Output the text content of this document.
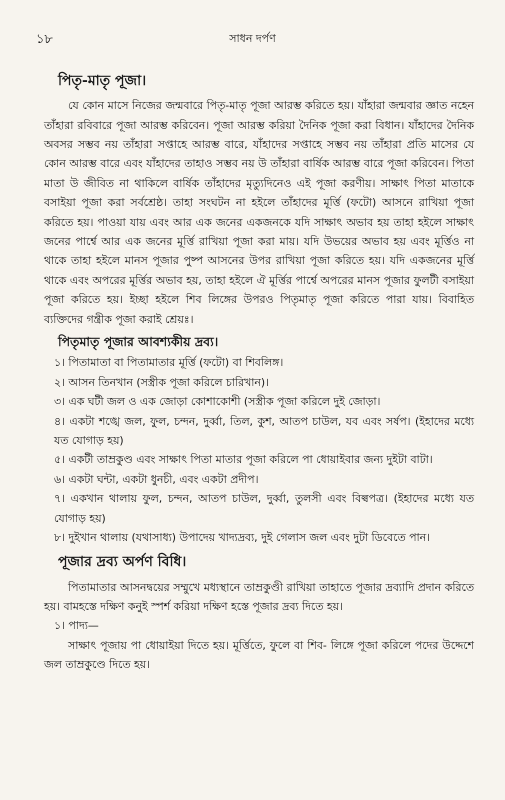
১৮	সাধন দর্পণ
পিতৃ-মাতৃ পূজা।

যে কোন মাসে নিজের জন্মবারে পিতৃ-মাতৃ পূজা আরম্ভ করিতে হয়। যাঁহারা জন্মবার জ্ঞাত নহেন তাঁহারা রবিবারে পূজা আরম্ভ করিবেন। পূজা আরম্ভ করিয়া দৈনিক পূজা করা বিধান। যাঁহাদের দৈনিক অবসর সম্ভব নয় তাঁহারা সপ্তাহে আরম্ভ বারে, যাঁহাদের সপ্তাহে সম্ভব নয় তাঁহারা প্রতি মাসের যে কোন আরম্ভ বারে এবং যাঁহাদের তাহাও সম্ভব নয় উ তাঁহারা বার্ষিক আরম্ভ বারে পূজা করিবেন। পিতা মাতা উ জীবিত না থাকিলে বার্ষিক তাঁহাদের মৃত্যুদিনেও এই পূজা করণীয়। সাক্ষাৎ পিতা মাতাকে বসাইয়া পূজা করা সর্বশ্রেষ্ঠ। তাহা সংঘটন না হইলে তাঁহাদের মূর্ত্তি (ফটো) আসনে রাখিয়া পূজা করিতে হয়। পাওয়া যায় এবং আর এক জনের একজনকে যদি সাক্ষাৎ অভাব হয় তাহা হইলে সাক্ষাৎ জনের পার্শ্বে আর এক জনের মূর্ত্তি রাখিয়া পূজা করা মায়। যদি উভয়ের অভাব হয় এবং মূর্ত্তিও না থাকে তাহা হইলে মানস পূজার পুষ্প আসনের উপর রাখিয়া পূজা করিতে হয়। যদি একজনের মূর্ত্তি থাকে এবং অপরের মূর্ত্তির অভাব হয়, তাহা হইলে ঐ মূর্ত্তির পার্শ্বে অপরের মানস পূজার ফুলটী বসাইয়া পূজা করিতে হয়। ইচ্ছা হইলে শিব লিঙ্গের উপরও পিতৃমাতৃ পূজা করিতে পারা যায়। বিবাহিত ব্যক্তিদের গন্ত্রীক পূজা করাই শ্রেয়ঃ।

পিতৃমাতৃ পূজার আবশ্যকীয় দ্রব্য।

১। পিতামাতা বা পিতামাতার মূর্ত্তি (ফটো) বা শিবলিঙ্গ।

২। আসন তিনখান (সস্ত্রীক পূজা করিলে চারিখান)।

৩। এক ঘটী জল ও এক জোড়া কোশাকোশী (সস্ত্রীক পূজা করিলে দুই জোড়া।

৪। একটা শঙ্খে জল, ফুল, চন্দন, দুর্ব্বা, তিল, কুশ, আতপ চাউল, যব এবং সর্ষপ। (ইহাদের মধ্যে যত যোগাড় হয়)

৫। একটী তাম্রকুণ্ড এবং সাক্ষাৎ পিতা মাতার পূজা করিলে পা ধোয়াইবার জন্য দুইটা বাটা।

৬। একটা ঘন্টা, একটা ধুনচী, এবং একটা প্রদীপ।

৭। একখান থালায় ফুল, চন্দন, আতপ চাউল, দুর্ব্বা, তুলসী এবং বিল্বপত্র। (ইহাদের মধ্যে যত যোগাড় হয়)

৮। দুইখান থালায় (যথাসাধ্য) উপাদেয় খাদ্যদ্রব্য, দুই গেলাস জল এবং দুটা ডিবেতে পান।

পূজার দ্রব্য অর্পণ বিধি।

পিতামাতার আসনদ্বয়ের সম্মুখে মধ্যস্থানে তাম্রকুণ্ডী রাখিয়া তাহাতে পূজার দ্রব্যাদি প্রদান করিতে হয়। বামহস্তে দক্ষিণ কনুই স্পর্শ করিয়া দক্ষিণ হস্তে পূজার দ্রব্য দিতে হয়।

১। পাদ্য—

সাক্ষাৎ পূজায় পা ধোয়াইয়া দিতে হয়। মূর্ত্তিতে, ফুলে বা শিব- লিঙ্গে পূজা করিলে পদের উদ্দেশে জল তাম্রকুণ্ডে দিতে হয়।
